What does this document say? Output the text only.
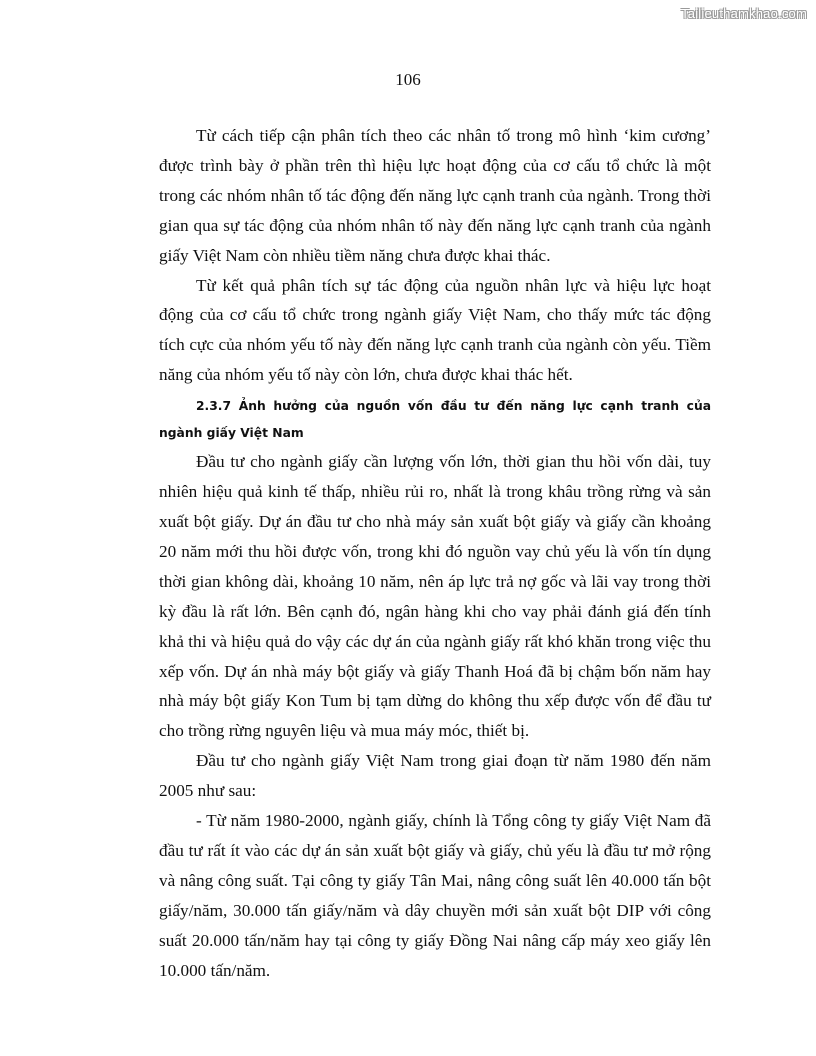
Tailieuthamkhao.com
106

Từ cách tiếp cận phân tích theo các nhân tố trong mô hình ‘kim cương’ được trình bày ở phần trên thì hiệu lực hoạt động của cơ cấu tổ chức là một trong các nhóm nhân tố tác động đến năng lực cạnh tranh của ngành. Trong thời gian qua sự tác động của nhóm nhân tố này đến năng lực cạnh tranh của ngành giấy Việt Nam còn nhiều tiềm năng chưa được khai thác.

Từ kết quả phân tích sự tác động của nguồn nhân lực và hiệu lực hoạt động của cơ cấu tổ chức trong ngành giấy Việt Nam, cho thấy mức tác động tích cực của nhóm yếu tố này đến năng lực cạnh tranh của ngành còn yếu. Tiềm năng của nhóm yếu tố này còn lớn, chưa được khai thác hết.

2.3.7 Ảnh hưởng của nguồn vốn đầu tư đến năng lực cạnh tranh của ngành giấy Việt Nam

Đầu tư cho ngành giấy cần lượng vốn lớn, thời gian thu hồi vốn dài, tuy nhiên hiệu quả kinh tế thấp, nhiều rủi ro, nhất là trong khâu trồng rừng và sản xuất bột giấy. Dự án đầu tư cho nhà máy sản xuất bột giấy và giấy cần khoảng 20 năm mới thu hồi được vốn, trong khi đó nguồn vay chủ yếu là vốn tín dụng thời gian không dài, khoảng 10 năm, nên áp lực trả nợ gốc và lãi vay trong thời kỳ đầu là rất lớn. Bên cạnh đó, ngân hàng khi cho vay phải đánh giá đến tính khả thi và hiệu quả do vậy các dự án của ngành giấy rất khó khăn trong việc thu xếp vốn. Dự án nhà máy bột giấy và giấy Thanh Hoá đã bị chậm bốn năm hay nhà máy bột giấy Kon Tum bị tạm dừng do không thu xếp được vốn để đầu tư cho trồng rừng nguyên liệu và mua máy móc, thiết bị.

Đầu tư cho ngành giấy Việt Nam trong giai đoạn từ năm 1980 đến năm 2005 như sau:

- Từ năm 1980-2000, ngành giấy, chính là Tổng công ty giấy Việt Nam đã đầu tư rất ít vào các dự án sản xuất bột giấy và giấy, chủ yếu là đầu tư mở rộng và nâng công suất. Tại công ty giấy Tân Mai, nâng công suất lên 40.000 tấn bột giấy/năm, 30.000 tấn giấy/năm và dây chuyền mới sản xuất bột DIP với công suất 20.000 tấn/năm hay tại công ty giấy Đồng Nai nâng cấp máy xeo giấy lên 10.000 tấn/năm.
